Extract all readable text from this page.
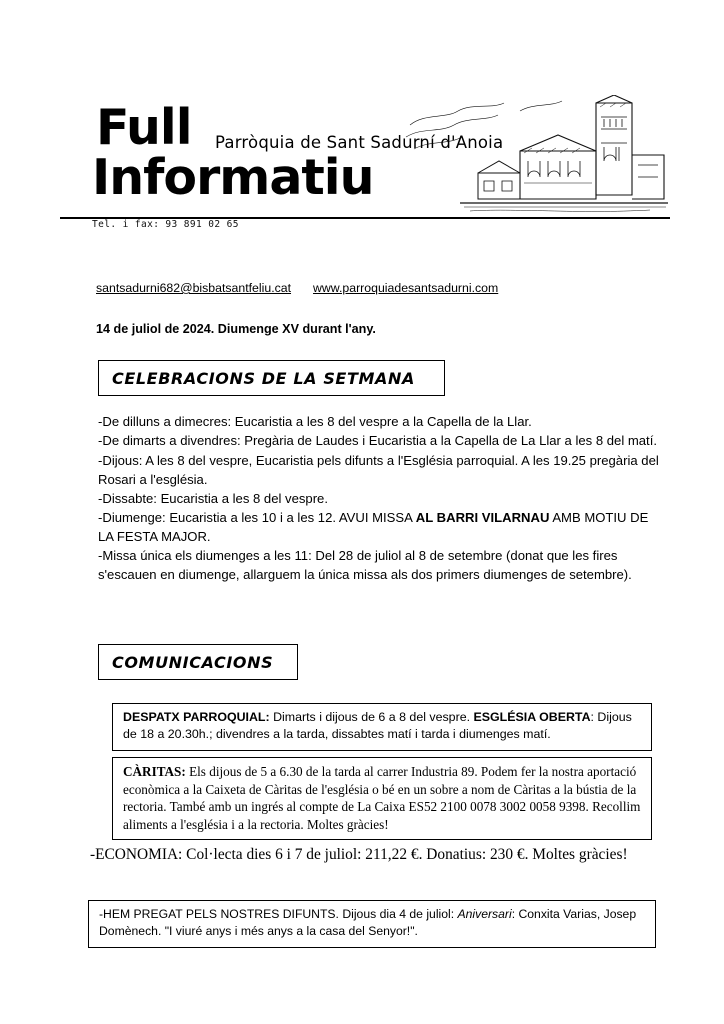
Full Parròquia de Sant Sadurní d'Anoia
Informatiu
Tel. i fax: 93 891 02 65
santsadurni682@bisbatsantfeliu.cat www.parroquiadesantsadurni.com
14 de juliol de 2024. Diumenge XV durant l'any.
CELEBRACIONS DE LA SETMANA

-De dilluns a dimecres: Eucaristia a les 8 del vespre a la Capella de la Llar.

-De dimarts a divendres: Pregària de Laudes i Eucaristia a la Capella de La Llar a les 8 del matí.

-Dijous: A les 8 del vespre, Eucaristia pels difunts a l'Església parroquial. A les 19.25 pregària del Rosari a l'església.

-Dissabte: Eucaristia a les 8 del vespre.

-Diumenge: Eucaristia a les 10 i a les 12. AVUI MISSA AL BARRI VILARNAU AMB MOTIU DE LA FESTA MAJOR.

-Missa única els diumenges a les 11: Del 28 de juliol al 8 de setembre (donat que les fires s'escauen en diumenge, allarguem la única missa als dos primers diumenges de setembre).

COMUNICACIONS
DESPATX PARROQUIAL: Dimarts i dijous de 6 a 8 del vespre. ESGLÉSIA OBERTA: Dijous de 18 a 20.30h.; divendres a la tarda, dissabtes matí i tarda i diumenges matí.
CÀRITAS: Els dijous de 5 a 6.30 de la tarda al carrer Industria 89. Podem fer la nostra aportació econòmica a la Caixeta de Càritas de l'església o bé en un sobre a nom de Càritas a la bústia de la rectoria. També amb un ingrés al compte de La Caixa ES52 2100 0078 3002 0058 9398. Recollim aliments a l'església i a la rectoria. Moltes gràcies!
-ECONOMIA: Col·lecta dies 6 i 7 de juliol: 211,22 €. Donatius: 230 €. Moltes gràcies!
-HEM PREGAT PELS NOSTRES DIFUNTS. Dijous dia 4 de juliol: Aniversari: Conxita Varias, Josep Domènech. "I viuré anys i més anys a la casa del Senyor!".
